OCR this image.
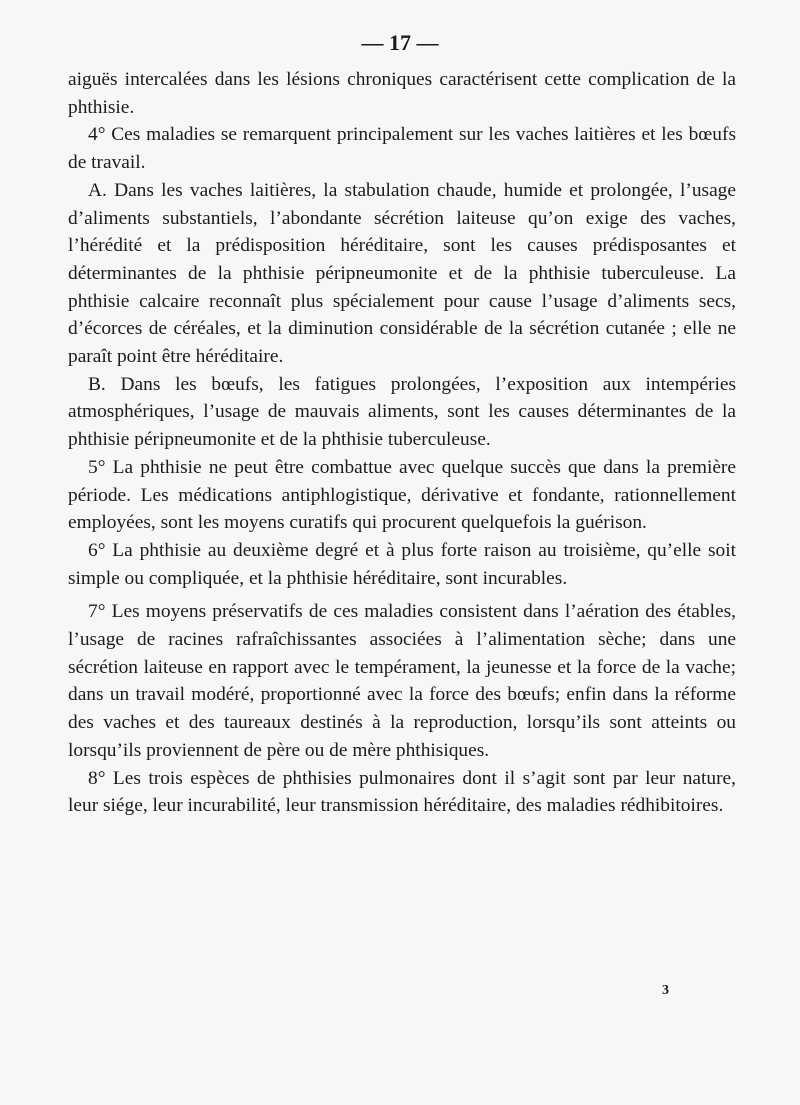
— 17 —

aiguës intercalées dans les lésions chroniques caractérisent cette complication de la phthisie.

4° Ces maladies se remarquent principalement sur les vaches laitières et les bœufs de travail.

A. Dans les vaches laitières, la stabulation chaude, humide et prolongée, l’usage d’aliments substantiels, l’abondante sécrétion laiteuse qu’on exige des vaches, l’hérédité et la prédisposition héréditaire, sont les causes prédisposantes et déterminantes de la phthisie péripneumonite et de la phthisie tuberculeuse. La phthisie calcaire reconnaît plus spécialement pour cause l’usage d’aliments secs, d’écorces de céréales, et la diminution considérable de la sécrétion cutanée ; elle ne paraît point être héréditaire.

B. Dans les bœufs, les fatigues prolongées, l’exposition aux intempéries atmosphériques, l’usage de mauvais aliments, sont les causes déterminantes de la phthisie péripneumonite et de la phthisie tuberculeuse.

5° La phthisie ne peut être combattue avec quelque succès que dans la première période. Les médications antiphlogistique, dérivative et fondante, rationnellement employées, sont les moyens curatifs qui procurent quelquefois la guérison.

6° La phthisie au deuxième degré et à plus forte raison au troisième, qu’elle soit simple ou compliquée, et la phthisie héréditaire, sont incurables.

7° Les moyens préservatifs de ces maladies consistent dans l’aération des étables, l’usage de racines rafraîchissantes associées à l’alimentation sèche; dans une sécrétion laiteuse en rapport avec le tempérament, la jeunesse et la force de la vache; dans un travail modéré, proportionné avec la force des bœufs; enfin dans la réforme des vaches et des taureaux destinés à la reproduction, lorsqu’ils sont atteints ou lorsqu’ils proviennent de père ou de mère phthisiques.

8° Les trois espèces de phthisies pulmonaires dont il s’agit sont par leur nature, leur siége, leur incurabilité, leur transmission héréditaire, des maladies rédhibitoires.

3
